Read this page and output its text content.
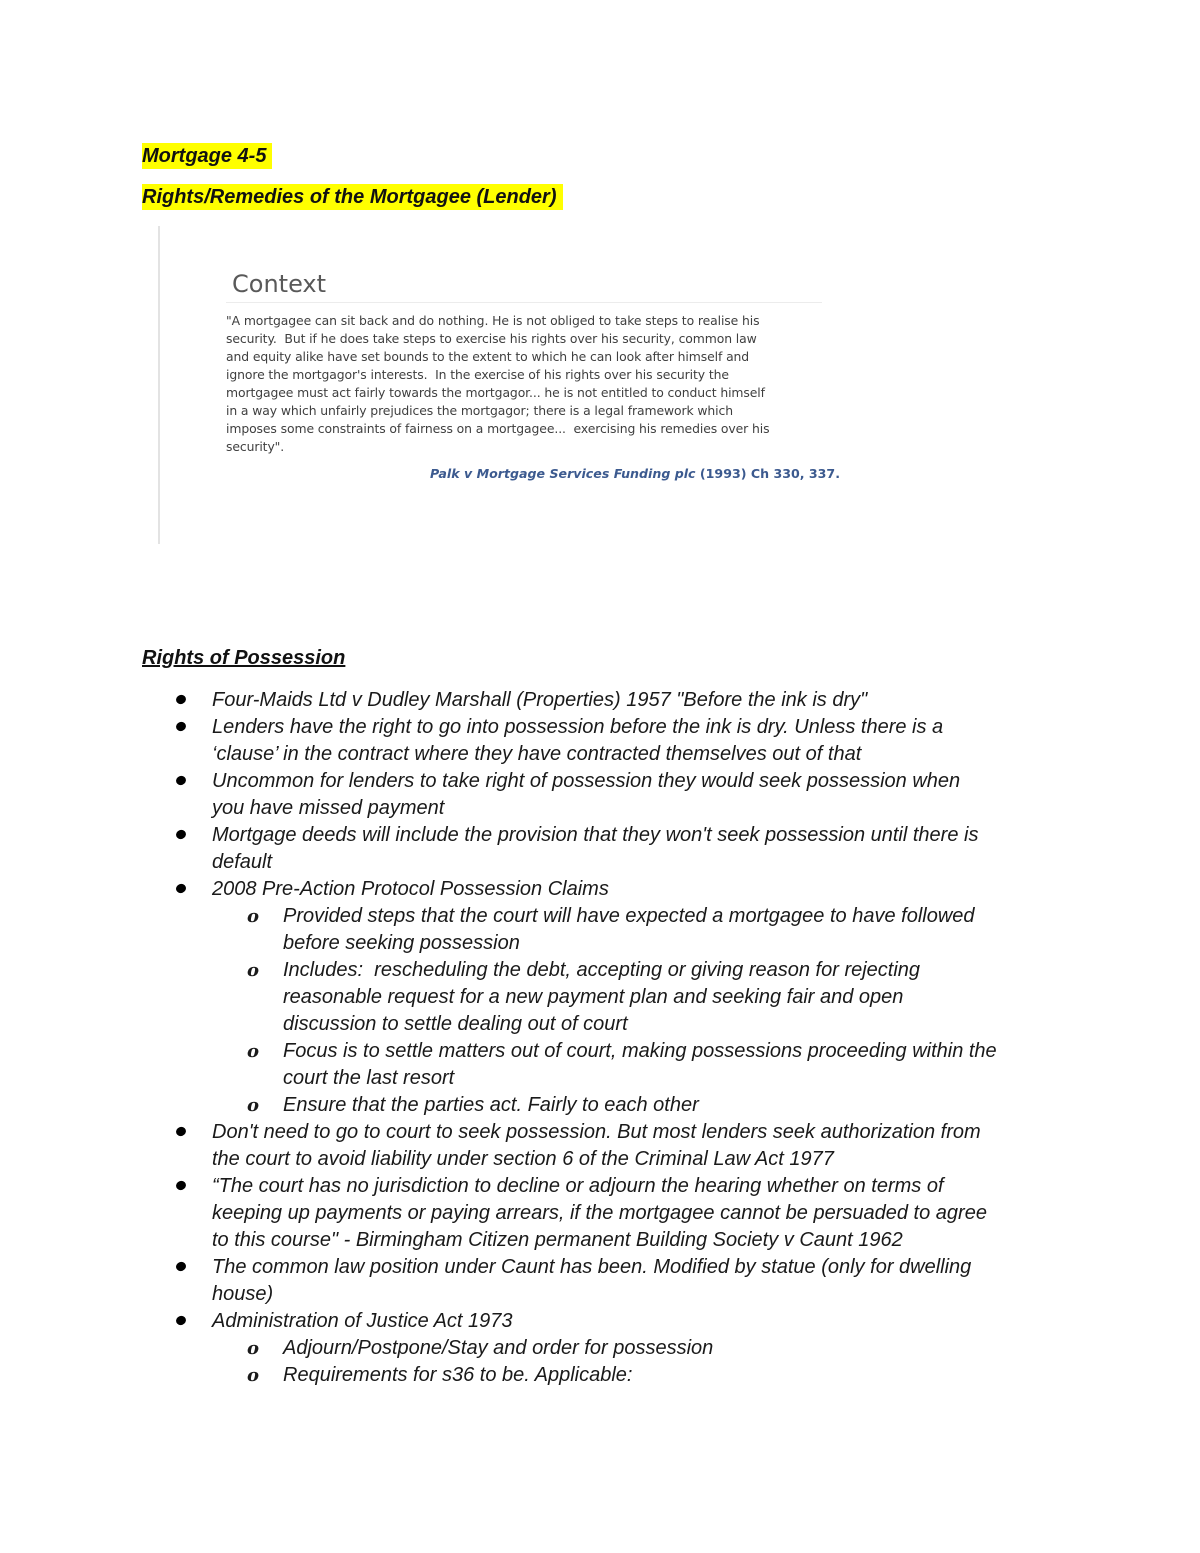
Mortgage 4-5
Rights/Remedies of the Mortgagee (Lender)
Context
"A mortgagee can sit back and do nothing. He is not obliged to take steps to realise his
security.  But if he does take steps to exercise his rights over his security, common law
and equity alike have set bounds to the extent to which he can look after himself and
ignore the mortgagor's interests.  In the exercise of his rights over his security the
mortgagee must act fairly towards the mortgagor... he is not entitled to conduct himself
in a way which unfairly prejudices the mortgagor; there is a legal framework which
imposes some constraints of fairness on a mortgagee...  exercising his remedies over his
security".
Palk v Mortgage Services Funding plc (1993) Ch 330, 337.
Rights of Possession
Four-Maids Ltd v Dudley Marshall (Properties) 1957 "Before the ink is dry"
Lenders have the right to go into possession before the ink is dry. Unless there is a
‘clause’ in the contract where they have contracted themselves out of that
Uncommon for lenders to take right of possession they would seek possession when
you have missed payment
Mortgage deeds will include the provision that they won't seek possession until there is
default
2008 Pre-Action Protocol Possession Claims
o Provided steps that the court will have expected a mortgagee to have followed
before seeking possession
o Includes:  rescheduling the debt, accepting or giving reason for rejecting
reasonable request for a new payment plan and seeking fair and open
discussion to settle dealing out of court
o Focus is to settle matters out of court, making possessions proceeding within the
court the last resort
o Ensure that the parties act. Fairly to each other
Don't need to go to court to seek possession. But most lenders seek authorization from
the court to avoid liability under section 6 of the Criminal Law Act 1977
“The court has no jurisdiction to decline or adjourn the hearing whether on terms of
keeping up payments or paying arrears, if the mortgagee cannot be persuaded to agree
to this course" - Birmingham Citizen permanent Building Society v Caunt 1962
The common law position under Caunt has been. Modified by statue (only for dwelling
house)
Administration of Justice Act 1973
o Adjourn/Postpone/Stay and order for possession
o Requirements for s36 to be. Applicable:
